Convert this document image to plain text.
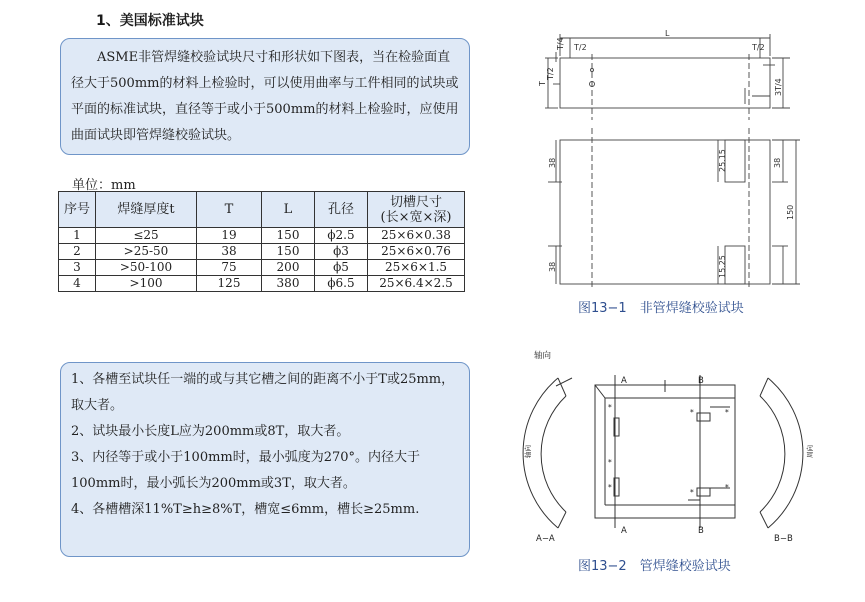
1、美国标准试块

ASME非管焊缝校验试块尺寸和形状如下图表，当在检验面直径大于500mm的材料上检验时，可以使用曲率与工件相同的试块或平面的标准试块，直径等于或小于500mm的材料上检验时，应使用曲面试块即管焊缝校验试块。

单位：mm
序号	焊缝厚度t	T	L	孔径	切槽尺寸
(长×宽×深)
1	≤25	19	150	ϕ2.5	25×6×0.38
2	>25-50	38	150	ϕ3	25×6×0.76
3	>50-100	75	200	ϕ5	25×6×1.5
4	>100	125	380	ϕ6.5	25×6.4×2.5

1、各槽至试块任一端的或与其它槽之间的距离不小于T或25mm，取大者。

2、试块最小长度L应为200mm或8T，取大者。

3、内径等于或小于100mm时，最小弧度为270°。内径大于100mm时，最小弧长为200mm或3T，取大者。

4、各槽槽深11%T≥h≥8%T，槽宽≤6mm，槽长≥25mm.

L
T/4 T/2	T/2
T/2
T	3T/4
38	25.15	38
150
38	15.25
图13−1　非管焊缝校验试块
*
*
*
*	*
*
*
轴向
A	B
A	B
A−A	B−B
轴向	周向
图13−2　管焊缝校验试块
